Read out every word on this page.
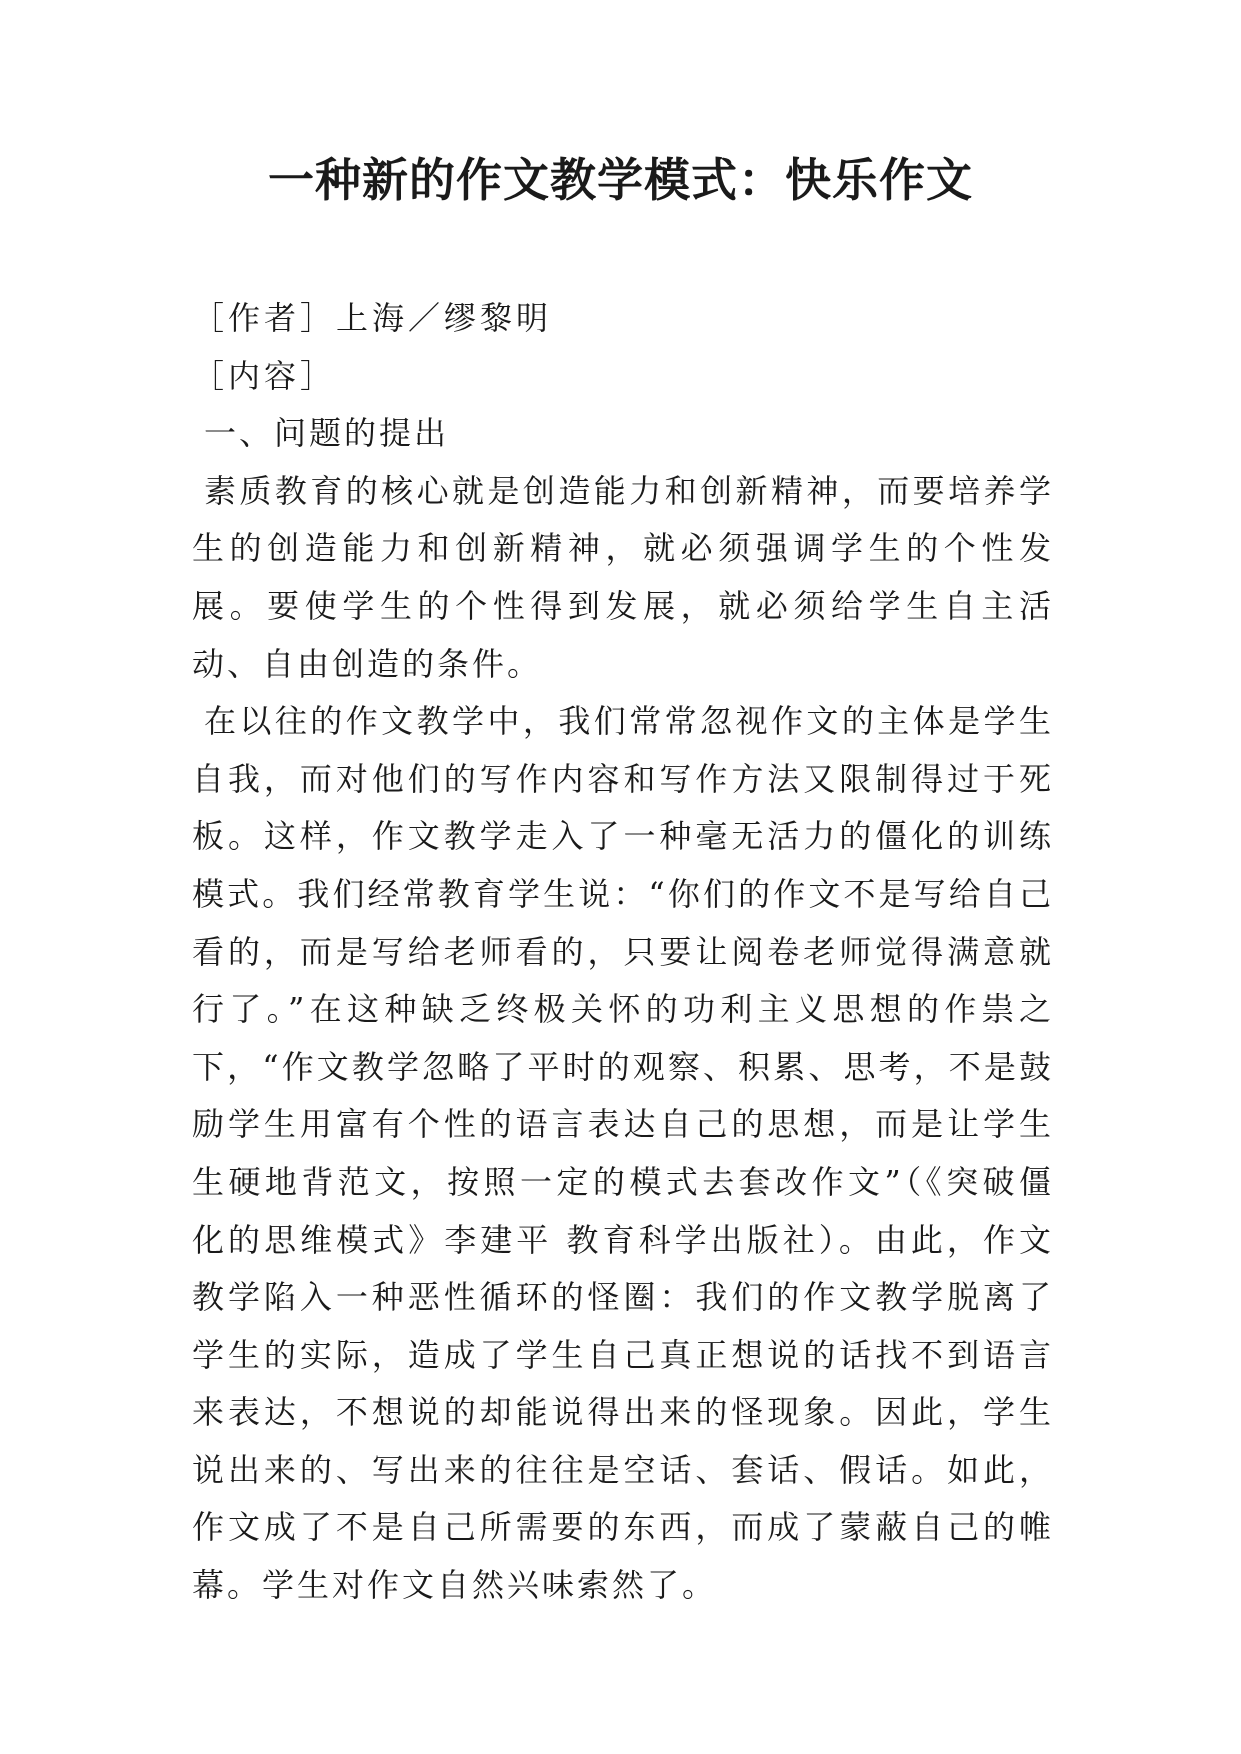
一种新的作文教学模式：快乐作文

［作者］上海／缪黎明

［内容］

一、问题的提出

素质教育的核心就是创造能力和创新精神，而要培养学生的创造能力和创新精神，就必须强调学生的个性发展。要使学生的个性得到发展，就必须给学生自主活动、自由创造的条件。

在以往的作文教学中，我们常常忽视作文的主体是学生自我，而对他们的写作内容和写作方法又限制得过于死板。这样，作文教学走入了一种毫无活力的僵化的训练模式。我们经常教育学生说：“你们的作文不是写给自己看的，而是写给老师看的，只要让阅卷老师觉得满意就行了。”在这种缺乏终极关怀的功利主义思想的作祟之下，“作文教学忽略了平时的观察、积累、思考，不是鼓励学生用富有个性的语言表达自己的思想，而是让学生生硬地背范文，按照一定的模式去套改作文”（《突破僵化的思维模式》李建平 教育科学出版社）。由此，作文教学陷入一种恶性循环的怪圈：我们的作文教学脱离了学生的实际，造成了学生自己真正想说的话找不到语言来表达，不想说的却能说得出来的怪现象。因此，学生说出来的、写出来的往往是空话、套话、假话。如此，作文成了不是自己所需要的东西，而成了蒙蔽自己的帷幕。学生对作文自然兴味索然了。
